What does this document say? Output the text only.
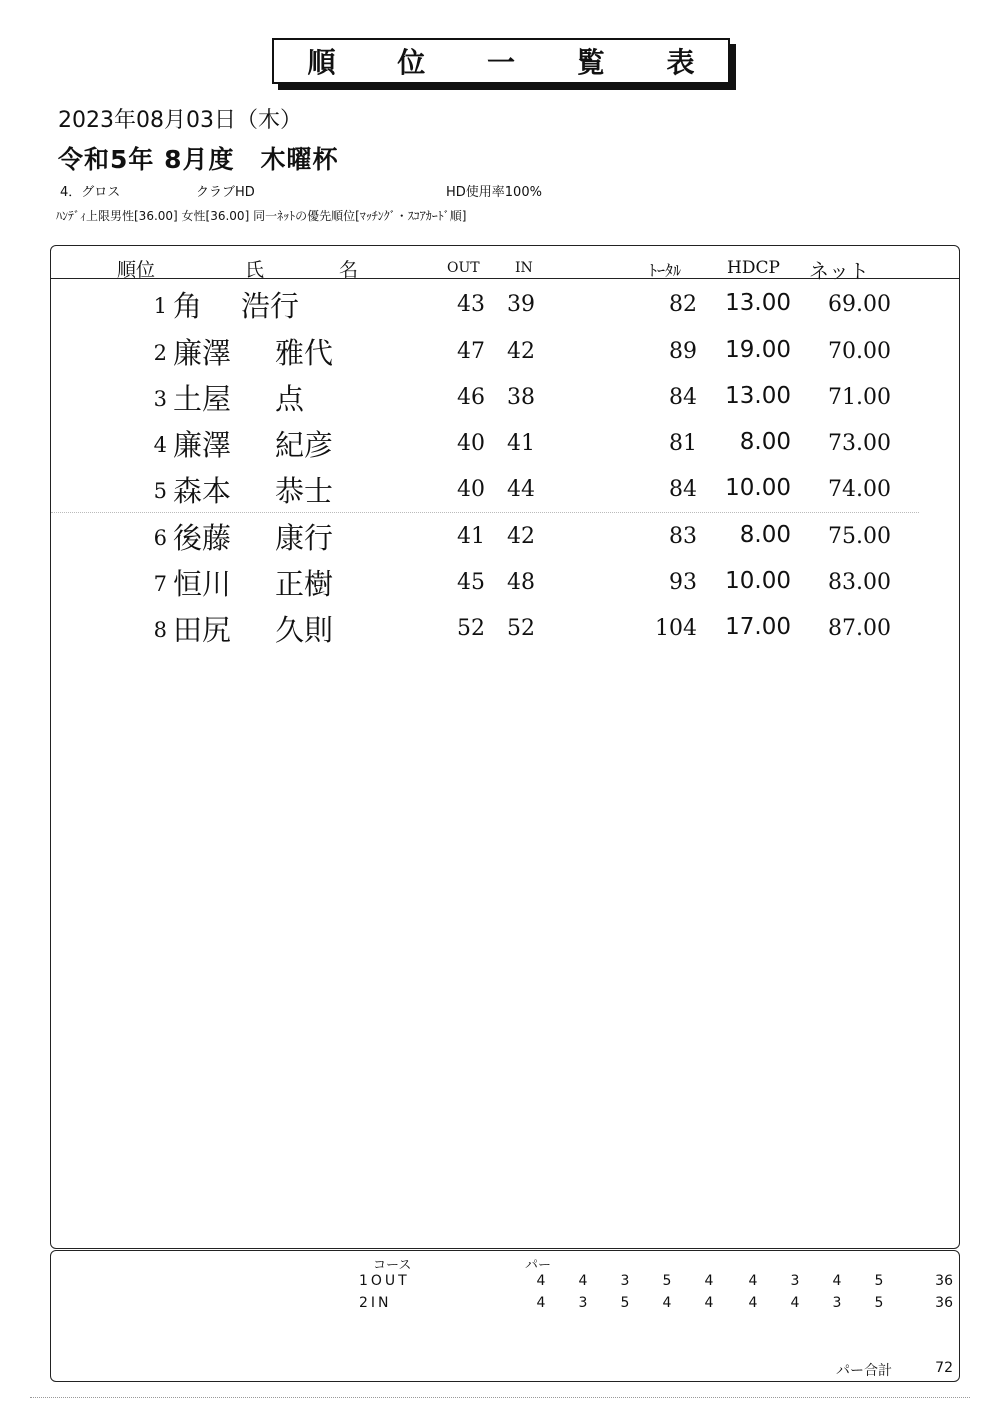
順 位 一 覧 表
2023年08月03日（木）
令和5年 8月度　木曜杯
4．グロス	クラブHD	HD使用率100%
ﾊﾝﾃﾞｨ上限男性[36.00] 女性[36.00] 同一ﾈｯﾄの優先順位[ﾏｯﾁﾝｸﾞ・ｽｺｱｶｰﾄﾞ順]
順位	氏	名	OUT	IN	ﾄｰﾀﾙ	HDCP ネット
1 角 浩行	43 39	82	13.00	69.00
2 廉澤 雅代	47 42	89	19.00	70.00
3 土屋 点	46 38	84	13.00	71.00
4 廉澤 紀彦	40 41	81	8.00	73.00
5 森本 恭士	40 44	84	10.00	74.00
6 後藤 康行	41 42	83	8.00	75.00
7 恒川 正樹	45 48	93	10.00	83.00
8 田尻 久則	52 52	104	17.00	87.00
コース	パー
1OUT	4	4	3	5	4	4	3	4	5	36
2IN	4	3	5	4	4	4	4	3	5	36
パー合計	72
